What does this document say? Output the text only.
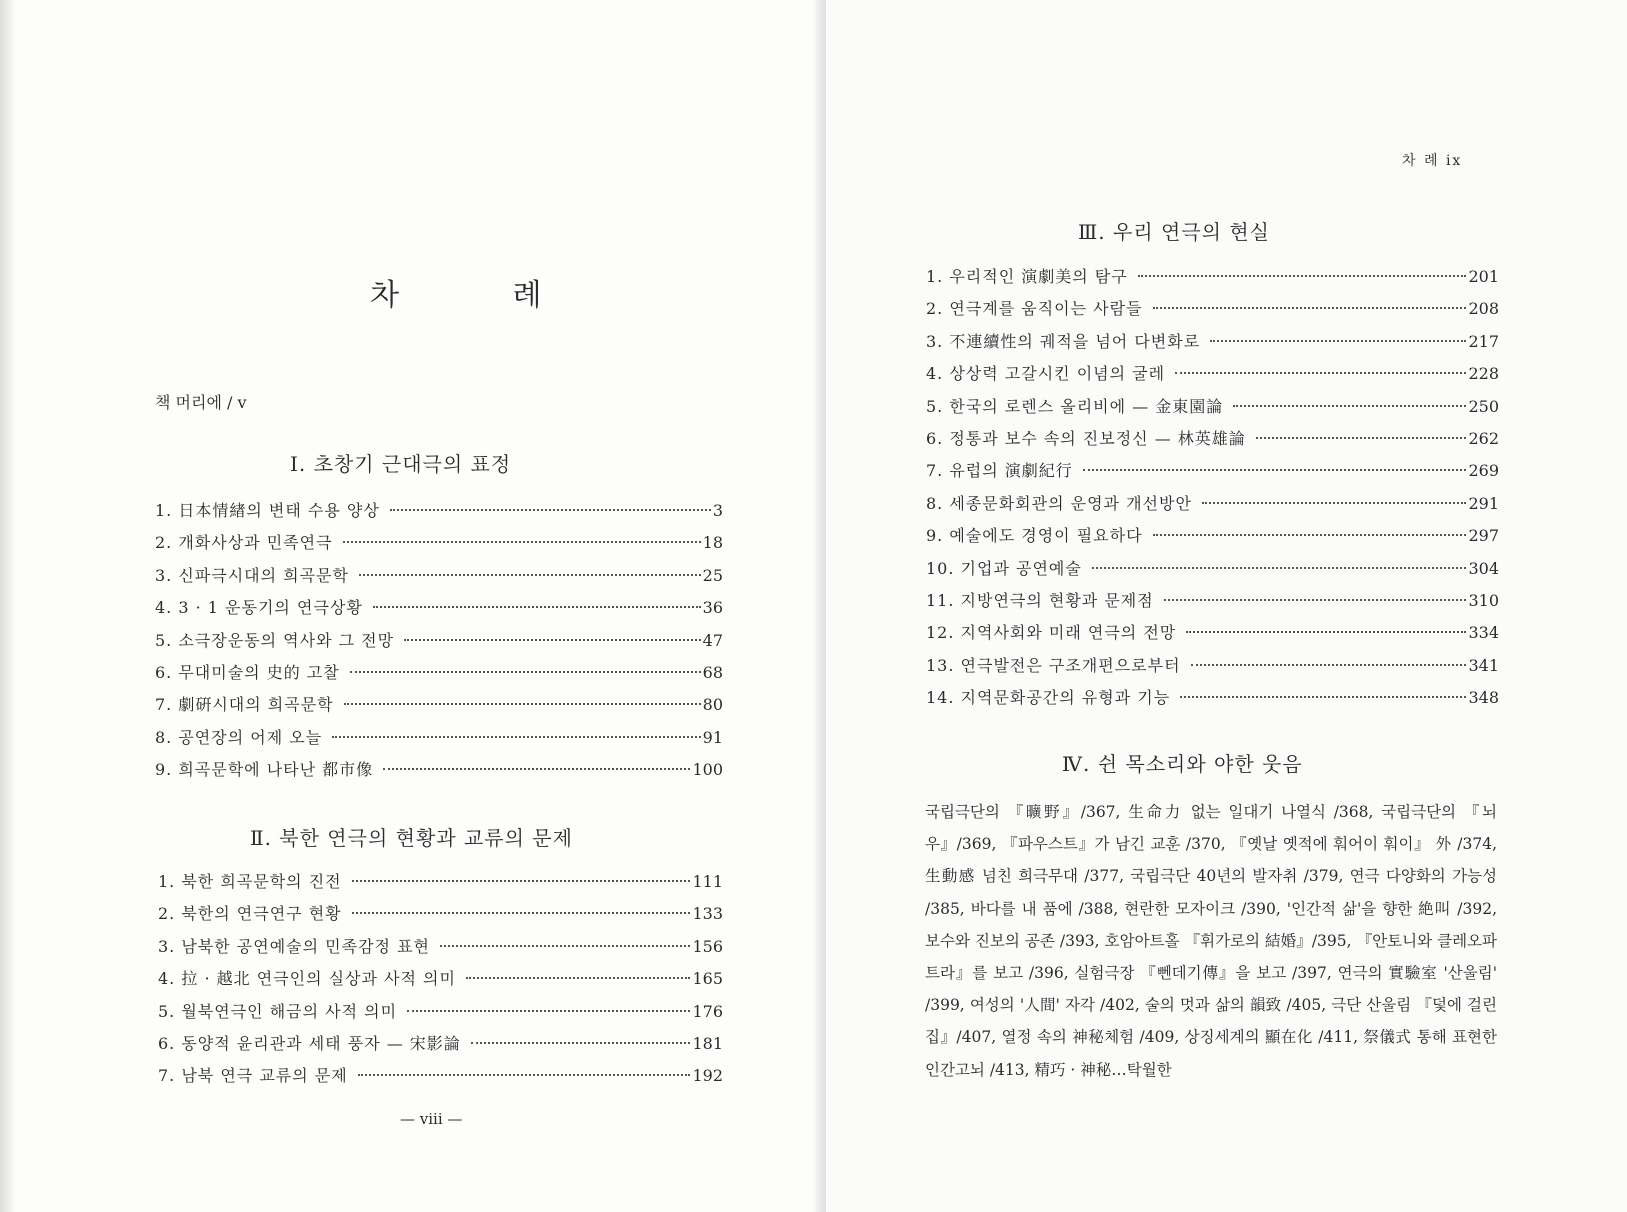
차 례
책 머리에 / v
Ⅰ. 초창기 근대극의 표정
1. 日本情緖의 변태 수용 양상	3
2. 개화사상과 민족연극	18
3. 신파극시대의 희곡문학	25
4. 3 · 1 운동기의 연극상황	36
5. 소극장운동의 역사와 그 전망	47
6. 무대미술의 史的 고찰	68
7. 劇硏시대의 희곡문학	80
8. 공연장의 어제 오늘	91
9. 희곡문학에 나타난 都市像	100
Ⅱ. 북한 연극의 현황과 교류의 문제
1. 북한 희곡문학의 진전	111
2. 북한의 연극연구 현황	133
3. 남북한 공연예술의 민족감정 표현	156
4. 拉 · 越北 연극인의 실상과 사적 의미	165
5. 월북연극인 해금의 사적 의미	176
6. 동양적 윤리관과 세태 풍자 — 宋影論	181
7. 남북 연극 교류의 문제	192
— viii —
차 례 ix
Ⅲ. 우리 연극의 현실
1. 우리적인 演劇美의 탐구	201
2. 연극계를 움직이는 사람들	208
3. 不連續性의 궤적을 넘어 다변화로	217
4. 상상력 고갈시킨 이념의 굴레	228
5. 한국의 로렌스 올리비에 — 金東園論	250
6. 정통과 보수 속의 진보정신 — 林英雄論	262
7. 유럽의 演劇紀行	269
8. 세종문화회관의 운영과 개선방안	291
9. 예술에도 경영이 필요하다	297
10. 기업과 공연예술	304
11. 지방연극의 현황과 문제점	310
12. 지역사회와 미래 연극의 전망	334
13. 연극발전은 구조개편으로부터	341
14. 지역문화공간의 유형과 기능	348
Ⅳ. 쉰 목소리와 야한 웃음
국립극단의 『曠野』/367, 生命力 없는 일대기 나열식 /368, 국립극단의 『뇌우』/369, 『파우스트』가 남긴 교훈 /370, 『옛날 옛적에 훠어이 훠이』 外 /374, 生動感 넘친 희극무대 /377, 국립극단 40년의 발자취 /379, 연극 다양화의 가능성 /385, 바다를 내 품에 /388, 현란한 모자이크 /390, '인간적 삶'을 향한 絶叫 /392, 보수와 진보의 공존 /393, 호암아트홀 『휘가로의 結婚』/395, 『안토니와 클레오파트라』를 보고 /396, 실험극장 『뻰데기傳』을 보고 /397, 연극의 實驗室 '산울림' /399, 여성의 '人間' 자각 /402, 술의 멋과 삶의 韻致 /405, 극단 산울림 『덫에 걸린 집』/407, 열정 속의 神秘체험 /409, 상징세계의 顯在化 /411, 祭儀式 통해 표현한 인간고뇌 /413, 精巧 · 神秘…탁월한
